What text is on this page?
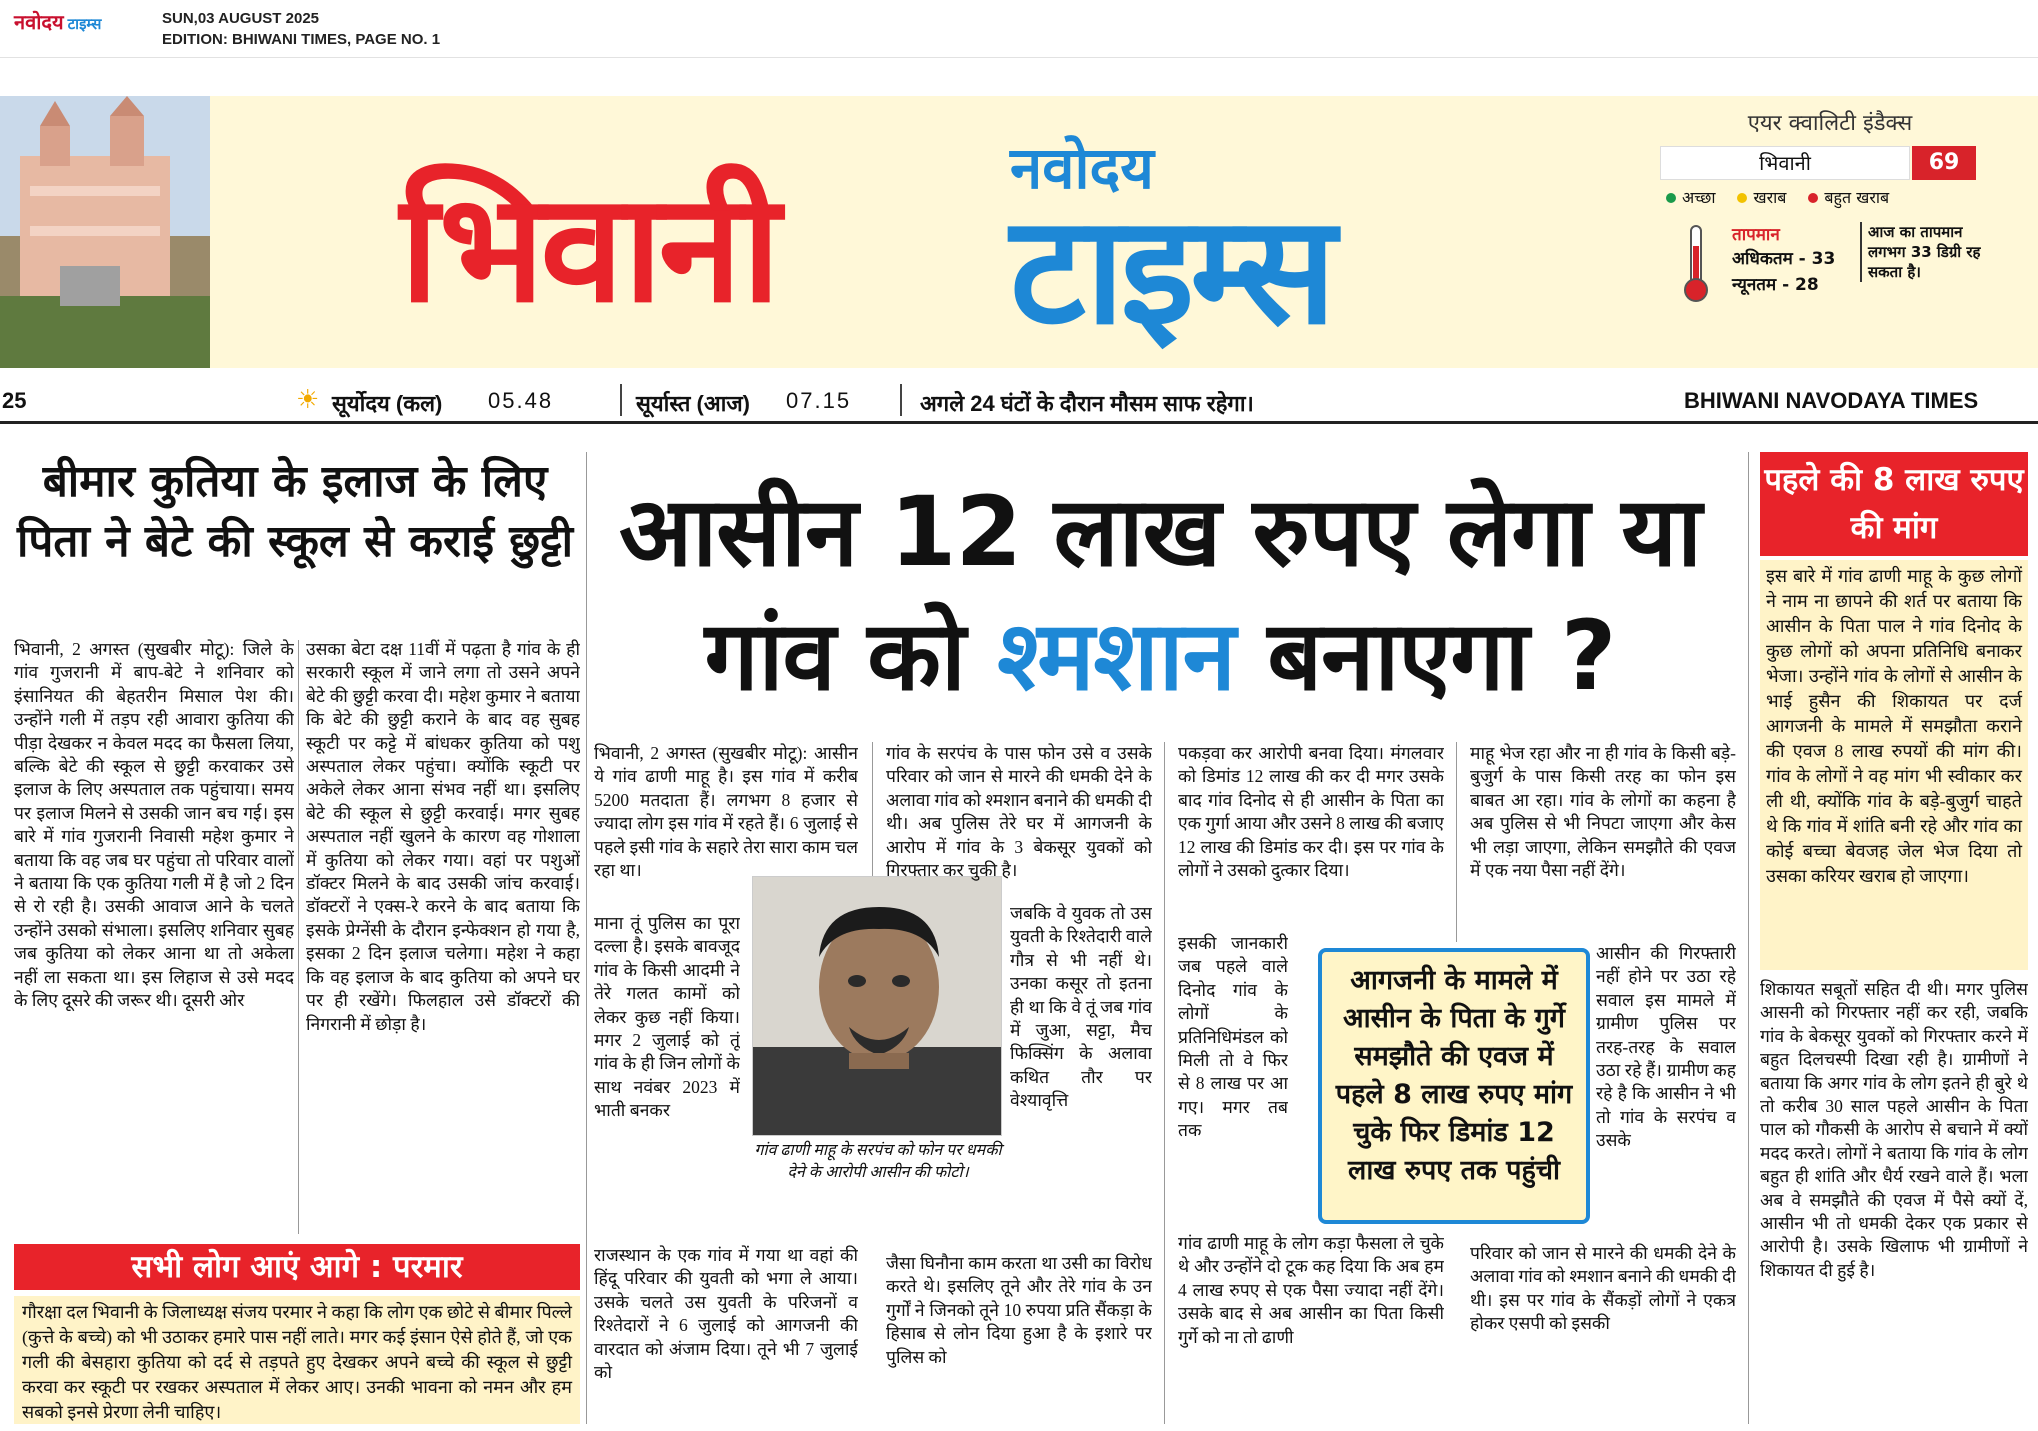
नवोदय टाइम्स	SUN,03 AUGUST 2025
EDITION: BHIWANI TIMES, PAGE NO. 1
नवोदय
भिवानी टाइम्स
एयर क्वालिटी इंडैक्स
भिवानी	69
अच्छा	खराब	बहुत खराब
तापमान
अधिकतम - 33
न्यूनतम - 28
आज का तापमान लगभग 33 डिग्री रह सकता है।
25	☀ सूर्योदय (कल) 05.48	सूर्यास्त (आज) 07.15	अगले 24 घंटों के दौरान मौसम साफ रहेगा।	BHIWANI NAVODAYA TIMES
बीमार कुतिया के इलाज के लिए पिता ने बेटे की स्कूल से कराई छुट्टी
भिवानी, 2 अगस्त (सुखबीर मोटू): जिले के गांव गुजरानी में बाप-बेटे ने शनिवार को इंसानियत की बेहतरीन मिसाल पेश की। उन्होंने गली में तड़प रही आवारा कुतिया की पीड़ा देखकर न केवल मदद का फैसला लिया, बल्कि बेटे की स्कूल से छुट्टी करवाकर उसे इलाज के लिए अस्पताल तक पहुंचाया। समय पर इलाज मिलने से उसकी जान बच गई। इस बारे में गांव गुजरानी निवासी महेश कुमार ने बताया कि वह जब घर पहुंचा तो परिवार वालों ने बताया कि एक कुतिया गली में है जो 2 दिन से रो रही है। उसकी आवाज आने के चलते उन्होंने उसको संभाला। इसलिए शनिवार सुबह जब कुतिया को लेकर आना था तो अकेला नहीं ला सकता था। इस लिहाज से उसे मदद के लिए दूसरे की जरूर थी। दूसरी ओर
उसका बेटा दक्ष 11वीं में पढ़ता है गांव के ही सरकारी स्कूल में जाने लगा तो उसने अपने बेटे की छुट्टी करवा दी। महेश कुमार ने बताया कि बेटे की छुट्टी कराने के बाद वह सुबह स्कूटी पर कट्टे में बांधकर कुतिया को पशु अस्पताल लेकर पहुंचा। क्योंकि स्कूटी पर अकेले लेकर आना संभव नहीं था। इसलिए बेटे की स्कूल से छुट्टी करवाई। मगर सुबह अस्पताल नहीं खुलने के कारण वह गोशाला में कुतिया को लेकर गया। वहां पर पशुओं डॉक्टर मिलने के बाद उसकी जांच करवाई। डॉक्टरों ने एक्स-रे करने के बाद बताया कि इसके प्रेग्नेंसी के दौरान इन्फेक्शन हो गया है, इसका 2 दिन इलाज चलेगा। महेश ने कहा कि वह इलाज के बाद कुतिया को अपने घर पर ही रखेंगे। फिलहाल उसे डॉक्टरों की निगरानी में छोड़ा है।
सभी लोग आएं आगे : परमार
गौरक्षा दल भिवानी के जिलाध्यक्ष संजय परमार ने कहा कि लोग एक छोटे से बीमार पिल्ले (कुत्ते के बच्चे) को भी उठाकर हमारे पास नहीं लाते। मगर कई इंसान ऐसे होते हैं, जो एक गली की बेसहारा कुतिया को दर्द से तड़पते हुए देखकर अपने बच्चे की स्कूल से छुट्टी करवा कर स्कूटी पर रखकर अस्पताल में लेकर आए। उनकी भावना को नमन और हम सबको इनसे प्रेरणा लेनी चाहिए।
आसीन 12 लाख रुपए लेगा या
गांव को श्मशान बनाएगा ?
भिवानी, 2 अगस्त (सुखबीर मोटू): आसीन ये गांव ढाणी माहू है। इस गांव में करीब 5200 मतदाता हैं। लगभग 8 हजार से ज्यादा लोग इस गांव में रहते हैं। 6 जुलाई से पहले इसी गांव के सहारे तेरा सारा काम चल रहा था।
माना तूं पुलिस का पूरा दल्ला है। इसके बावजूद गांव के किसी आदमी ने तेरे गलत कामों को लेकर कुछ नहीं किया। मगर 2 जुलाई को तूं गांव के ही जिन लोगों के साथ नवंबर 2023 में भाती बनकर
राजस्थान के एक गांव में गया था वहां की हिंदू परिवार की युवती को भगा ले आया। उसके चलते उस युवती के परिजनों व रिश्तेदारों ने 6 जुलाई को आगजनी की वारदात को अंजाम दिया। तूने भी 7 जुलाई को
गांव ढाणी माहू के सरपंच को फोन पर धमकी देने के आरोपी आसीन की फोटो।
गांव के सरपंच के पास फोन उसे व उसके परिवार को जान से मारने की धमकी देने के अलावा गांव को श्मशान बनाने की धमकी दी थी। अब पुलिस तेरे घर में आगजनी के आरोप में गांव के 3 बेकसूर युवकों को गिरफ्तार कर चुकी है।
जबकि वे युवक तो उस युवती के रिश्तेदारी वाले गौत्र से भी नहीं थे। उनका कसूर तो इतना ही था कि वे तूं जब गांव में जुआ, सट्टा, मैच फिक्सिंग के अलावा कथित तौर पर वेश्यावृत्ति
जैसा घिनौना काम करता था उसी का विरोध करते थे। इसलिए तूने और तेरे गांव के उन गुर्गों ने जिनको तूने 10 रुपया प्रति सैंकड़ा के हिसाब से लोन दिया हुआ है के इशारे पर पुलिस को
पकड़वा कर आरोपी बनवा दिया। मंगलवार को डिमांड 12 लाख की कर दी मगर उसके बाद गांव दिनोद से ही आसीन के पिता का एक गुर्गा आया और उसने 8 लाख की बजाए 12 लाख की डिमांड कर दी। इस पर गांव के लोगों ने उसको दुत्कार दिया।
इसकी जानकारी जब पहले वाले दिनोद गांव के लोगों के प्रतिनिधिमंडल को मिली तो वे फिर से 8 लाख पर आ गए। मगर तब तक
गांव ढाणी माहू के लोग कड़ा फैसला ले चुके थे और उन्होंने दो टूक कह दिया कि अब हम 4 लाख रुपए से एक पैसा ज्यादा नहीं देंगे। उसके बाद से अब आसीन का पिता किसी गुर्गे को ना तो ढाणी
माहू भेज रहा और ना ही गांव के किसी बड़े-बुजुर्ग के पास किसी तरह का फोन इस बाबत आ रहा। गांव के लोगों का कहना है अब पुलिस से भी निपटा जाएगा और केस भी लड़ा जाएगा, लेकिन समझौते की एवज में एक नया पैसा नहीं देंगे।
आसीन की गिरफ्तारी नहीं होने पर उठा रहे सवाल इस मामले में ग्रामीण पुलिस पर तरह-तरह के सवाल उठा रहे हैं। ग्रामीण कह रहे है कि आसीन ने भी तो गांव के सरपंच व उसके
परिवार को जान से मारने की धमकी देने के अलावा गांव को श्मशान बनाने की धमकी दी थी। इस पर गांव के सैंकड़ों लोगों ने एकत्र होकर एसपी को इसकी
आगजनी के मामले में आसीन के पिता के गुर्गे समझौते की एवज में पहले 8 लाख रुपए मांग चुके फिर डिमांड 12 लाख रुपए तक पहुंची
पहले की 8 लाख रुपए की मांग
इस बारे में गांव ढाणी माहू के कुछ लोगों ने नाम ना छापने की शर्त पर बताया कि आसीन के पिता पाल ने गांव दिनोद के कुछ लोगों को अपना प्रतिनिधि बनाकर भेजा। उन्होंने गांव के लोगों से आसीन के भाई हुसैन की शिकायत पर दर्ज आगजनी के मामले में समझौता कराने की एवज 8 लाख रुपयों की मांग की। गांव के लोगों ने वह मांग भी स्वीकार कर ली थी, क्योंकि गांव के बड़े-बुजुर्ग चाहते थे कि गांव में शांति बनी रहे और गांव का कोई बच्चा बेवजह जेल भेज दिया तो उसका करियर खराब हो जाएगा।
शिकायत सबूतों सहित दी थी। मगर पुलिस आसनी को गिरफ्तार नहीं कर रही, जबकि गांव के बेकसूर युवकों को गिरफ्तार करने में बहुत दिलचस्पी दिखा रही है। ग्रामीणों ने बताया कि अगर गांव के लोग इतने ही बुरे थे तो करीब 30 साल पहले आसीन के पिता पाल को गौकसी के आरोप से बचाने में क्यों मदद करते। लोगों ने बताया कि गांव के लोग बहुत ही शांति और धैर्य रखने वाले हैं। भला अब वे समझौते की एवज में पैसे क्यों दें, आसीन भी तो धमकी देकर एक प्रकार से आरोपी है। उसके खिलाफ भी ग्रामीणों ने शिकायत दी हुई है।
